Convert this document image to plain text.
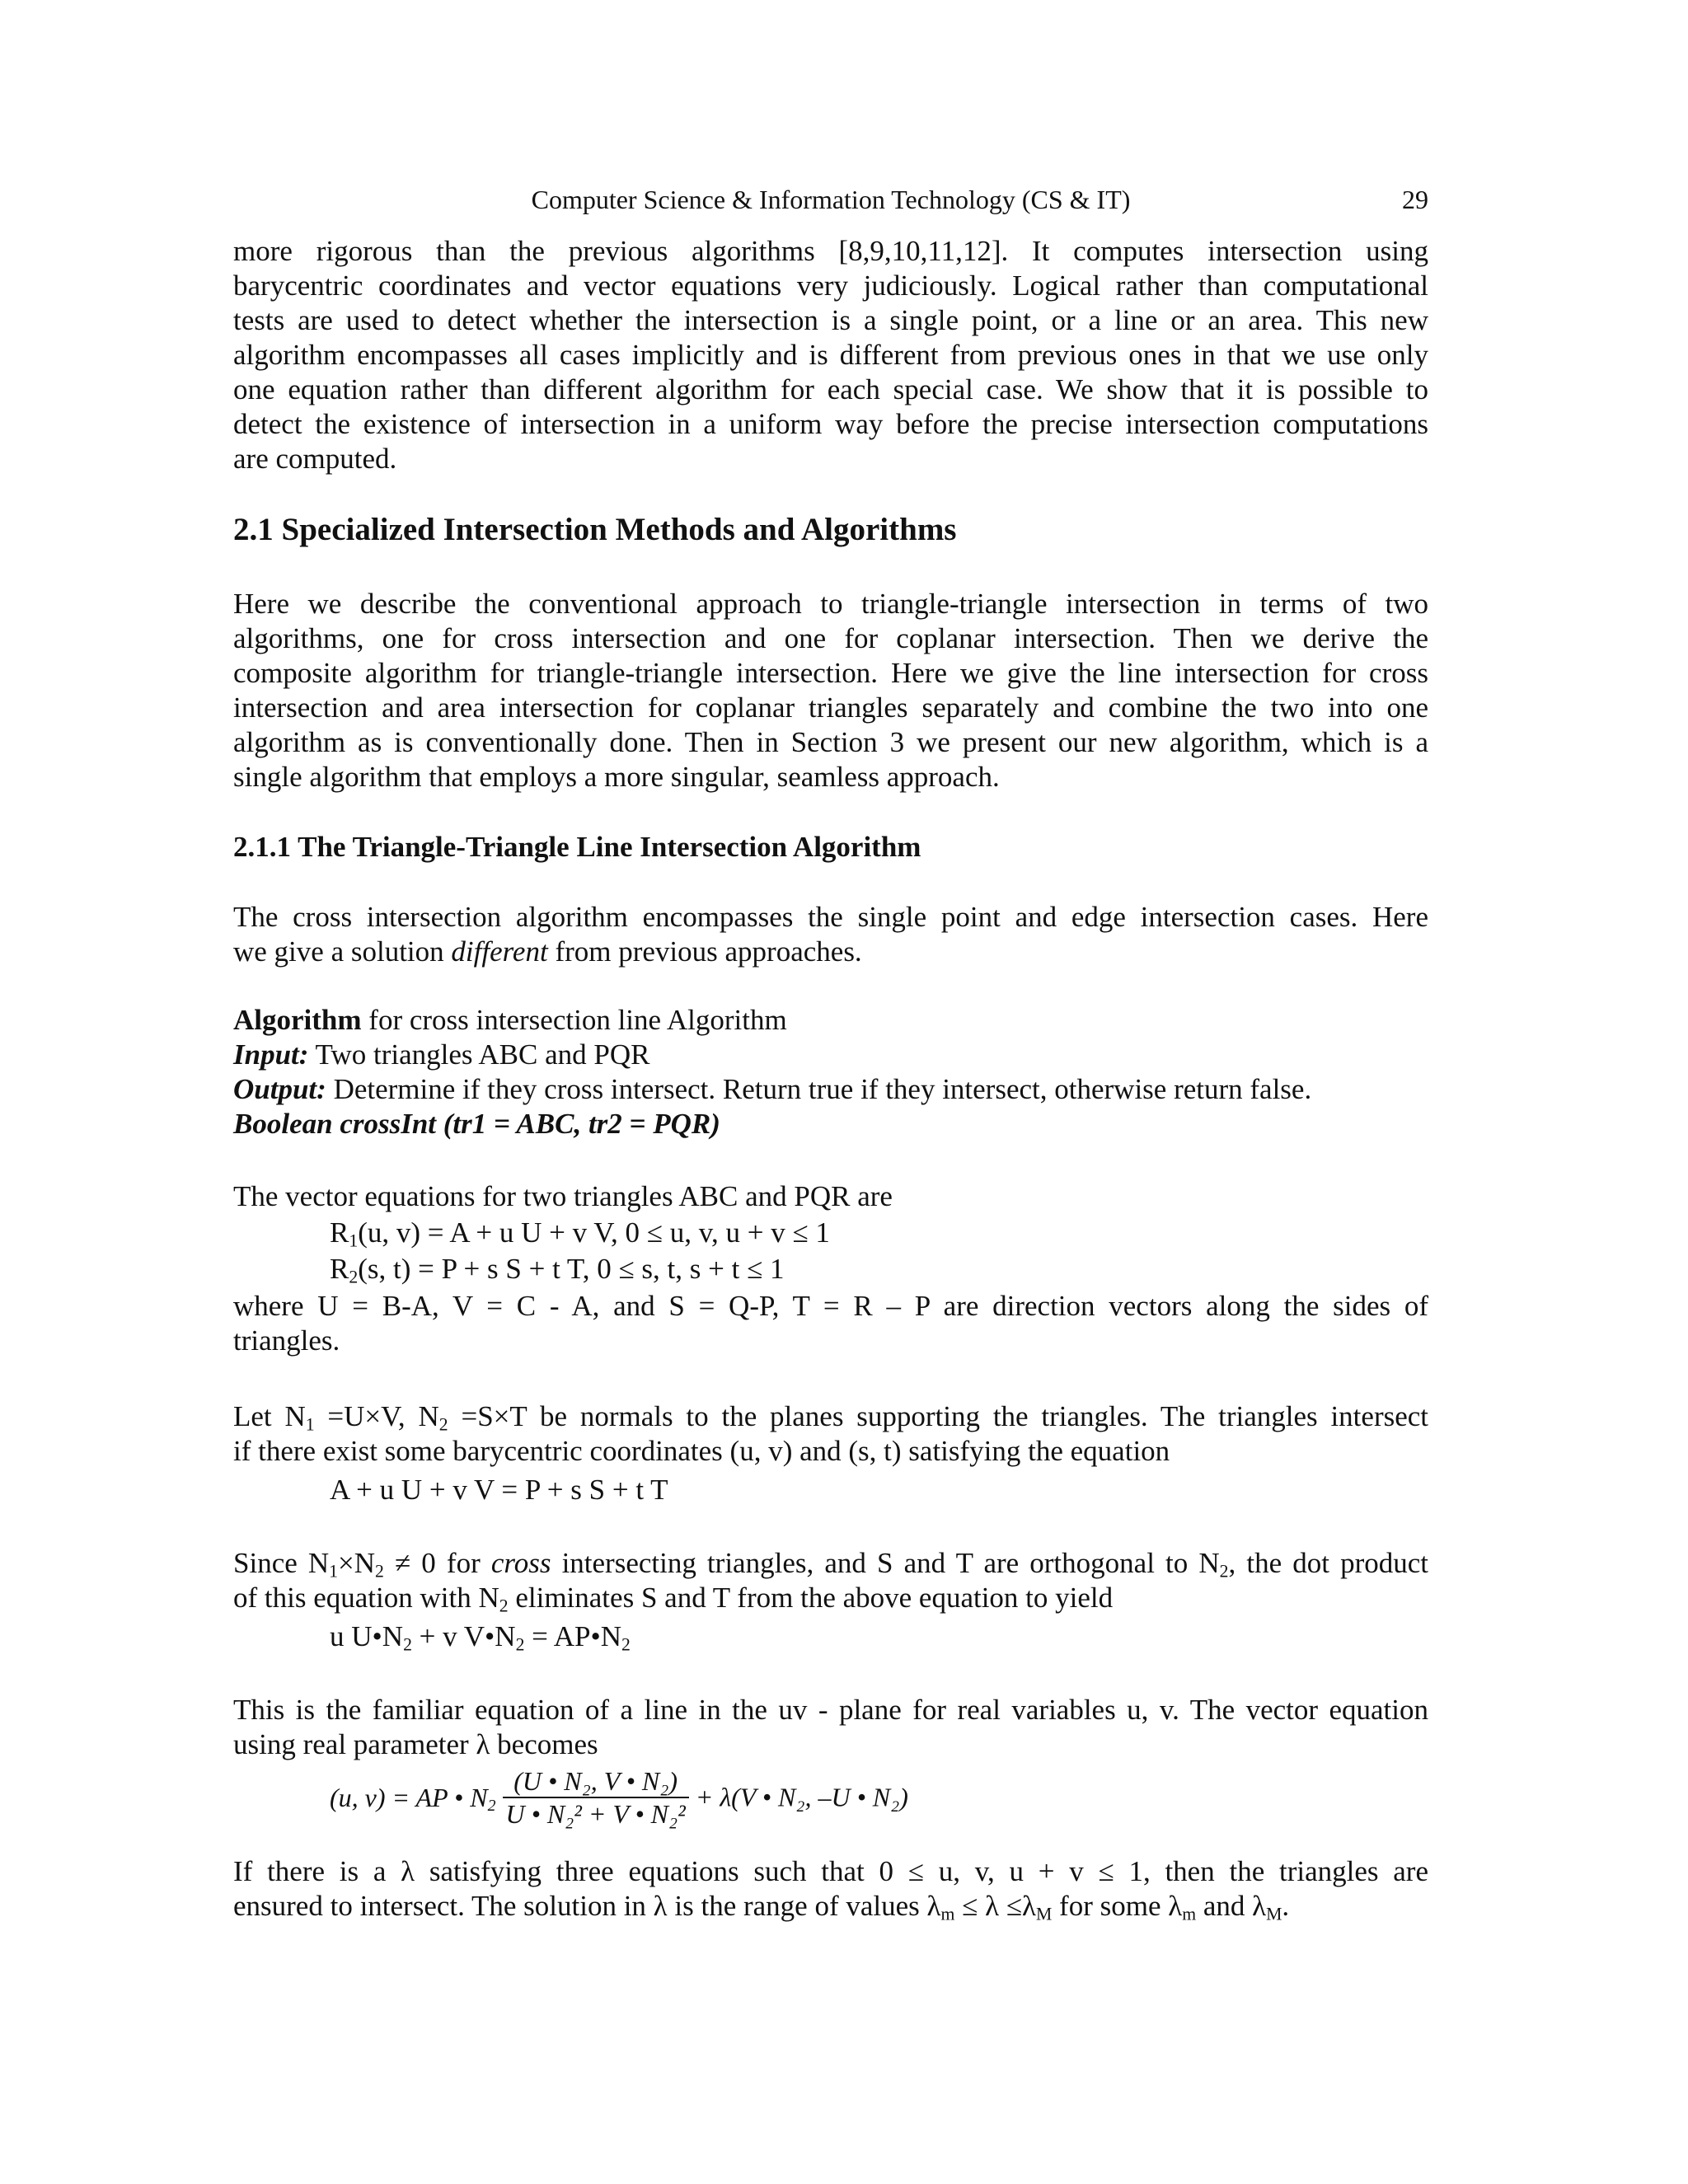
Computer Science & Information Technology (CS & IT)	29
more rigorous than the previous algorithms [8,9,10,11,12]. It computes intersection using
barycentric coordinates and vector equations very judiciously. Logical rather than computational
tests are used to detect whether the intersection is a single point, or a line or an area. This new
algorithm encompasses all cases implicitly and is different from previous ones in that we use only
one equation rather than different algorithm for each special case. We show that it is possible to
detect the existence of intersection in a uniform way before the precise intersection computations
are computed.
2.1 Specialized Intersection Methods and Algorithms
Here we describe the conventional approach to triangle-triangle intersection in terms of two
algorithms, one for cross intersection and one for coplanar intersection. Then we derive the
composite algorithm for triangle-triangle intersection. Here we give the line intersection for cross
intersection and area intersection for coplanar triangles separately and combine the two into one
algorithm as is conventionally done. Then in Section 3 we present our new algorithm, which is a
single algorithm that employs a more singular, seamless approach.
2.1.1 The Triangle-Triangle Line Intersection Algorithm
The cross intersection algorithm encompasses the single point and edge intersection cases. Here
we give a solution different from previous approaches.
Algorithm for cross intersection line Algorithm
Input: Two triangles ABC and PQR
Output: Determine if they cross intersect. Return true if they intersect, otherwise return false.
Boolean crossInt (tr1 = ABC, tr2 = PQR)
The vector equations for two triangles ABC and PQR are
$R_1(u$, v) = A + u U + v V, 0 ≤ u, v, u + v ≤ 1
$R_2(s$, t) = P + s S + t T, 0 ≤ s, t, s + t ≤ 1
where U = B-A, V = C - A, and S = Q-P, T = R – P are direction vectors along the sides of
triangles.
Let $N_1 =U\times V$, $N_2 =S\times T$ be normals to the planes supporting the triangles. The triangles intersect
if there exist some barycentric coordinates (u, v) and (s, t) satisfying the equation
A + u U + v V = P + s S + t T
Since $N_1\times N_2 \ne 0$ for cross intersecting triangles, and S and T are orthogonal to $N_2$, the dot product
of this equation with $N_2$ eliminates S and T from the above equation to yield
u $U•N_2 + v$ $V•N_2$ = $AP•N_2$
This is the familiar equation of a line in the uv - plane for real variables u, v. The vector equation
using real parameter λ becomes
(u, v) = AP • $N_2 \frac{\text{(U • N₂, V • N₂)}}{\text{U • N₂² + V • N₂²}} + \lambda(V$ • N₂, –U • N₂)
If there is a λ satisfying three equations such that 0 ≤ u, v, u + v ≤ 1, then the triangles are
ensured to intersect. The solution in λ is the range of values $\lambda_m \le \lambda \le\lambda_M$ for some $\lambda_m$ and $\lambda_M$.
